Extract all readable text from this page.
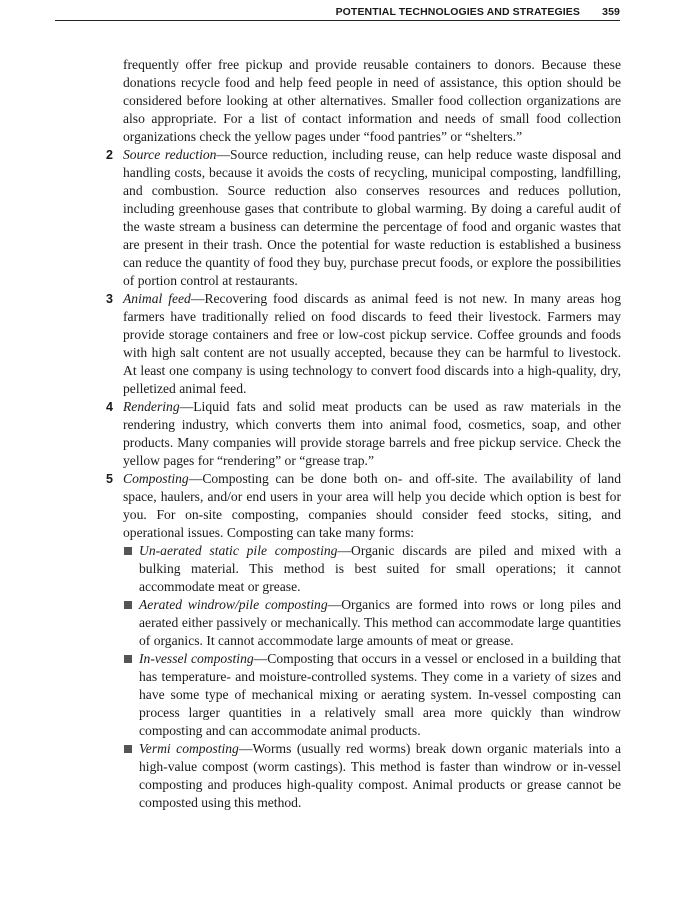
POTENTIAL TECHNOLOGIES AND STRATEGIES 359

frequently offer free pickup and provide reusable containers to donors. Because these donations recycle food and help feed people in need of assistance, this option should be considered before looking at other alternatives. Smaller food collection organizations are also appropriate. For a list of contact information and needs of small food collection organizations check the yellow pages under “food pantries” or “shelters.”

2 Source reduction—Source reduction, including reuse, can help reduce waste disposal and handling costs, because it avoids the costs of recycling, municipal composting, landfilling, and combustion. Source reduction also conserves resources and reduces pollution, including greenhouse gases that contribute to global warming. By doing a careful audit of the waste stream a business can determine the percentage of food and organic wastes that are present in their trash. Once the potential for waste reduction is established a business can reduce the quantity of food they buy, purchase precut foods, or explore the possibilities of portion control at restaurants.
3 Animal feed—Recovering food discards as animal feed is not new. In many areas hog farmers have traditionally relied on food discards to feed their livestock. Farmers may provide storage containers and free or low-cost pickup service. Coffee grounds and foods with high salt content are not usually accepted, because they can be harmful to livestock. At least one company is using technology to convert food discards into a high-quality, dry, pelletized animal feed.
4 Rendering—Liquid fats and solid meat products can be used as raw materials in the rendering industry, which converts them into animal food, cosmetics, soap, and other products. Many companies will provide storage barrels and free pickup service. Check the yellow pages for “rendering” or “grease trap.”
5 Composting—Composting can be done both on- and off-site. The availability of land space, haulers, and/or end users in your area will help you decide which option is best for you. For on-site composting, companies should consider feed stocks, siting, and operational issues. Composting can take many forms:
Un-aerated static pile composting—Organic discards are piled and mixed with a bulking material. This method is best suited for small operations; it cannot accommodate meat or grease.
Aerated windrow/pile composting—Organics are formed into rows or long piles and aerated either passively or mechanically. This method can accommodate large quantities of organics. It cannot accommodate large amounts of meat or grease.
In-vessel composting—Composting that occurs in a vessel or enclosed in a building that has temperature- and moisture-controlled systems. They come in a variety of sizes and have some type of mechanical mixing or aerating system. In-vessel composting can process larger quantities in a relatively small area more quickly than windrow composting and can accommodate animal products.
Vermi composting—Worms (usually red worms) break down organic materials into a high-value compost (worm castings). This method is faster than windrow or in-vessel composting and produces high-quality compost. Animal products or grease cannot be composted using this method.
